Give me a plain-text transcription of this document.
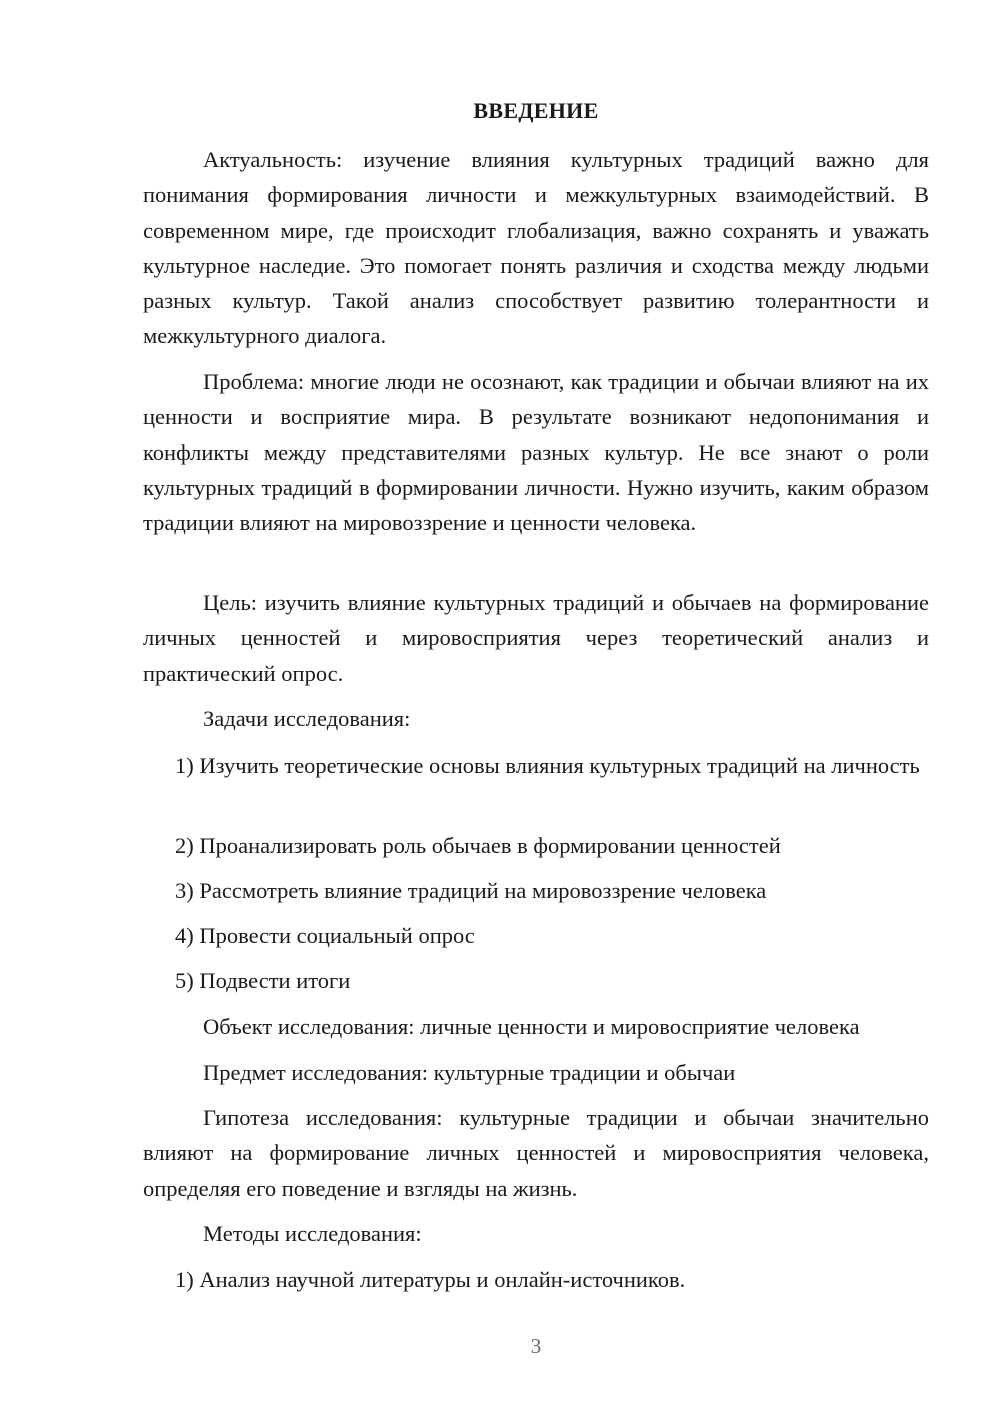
ВВЕДЕНИЕ

Актуальность: изучение влияния культурных традиций важно для понимания формирования личности и межкультурных взаимодействий. В современном мире, где происходит глобализация, важно сохранять и уважать культурное наследие. Это помогает понять различия и сходства между людьми разных культур. Такой анализ способствует развитию толерантности и межкультурного диалога.

Проблема: многие люди не осознают, как традиции и обычаи влияют на их ценности и восприятие мира. В результате возникают недопонимания и конфликты между представителями разных культур. Не все знают о роли культурных традиций в формировании личности. Нужно изучить, каким образом традиции влияют на мировоззрение и ценности человека.

Цель: изучить влияние культурных традиций и обычаев на формирование личных ценностей и мировосприятия через теоретический анализ и практический опрос.

Задачи исследования:

1) Изучить теоретические основы влияния культурных традиций на личность

2) Проанализировать роль обычаев в формировании ценностей

3) Рассмотреть влияние традиций на мировоззрение человека

4) Провести социальный опрос

5) Подвести итоги

Объект исследования: личные ценности и мировосприятие человека

Предмет исследования: культурные традиции и обычаи

Гипотеза исследования: культурные традиции и обычаи значительно влияют на формирование личных ценностей и мировосприятия человека, определяя его поведение и взгляды на жизнь.

Методы исследования:

1) Анализ научной литературы и онлайн-источников.

3
